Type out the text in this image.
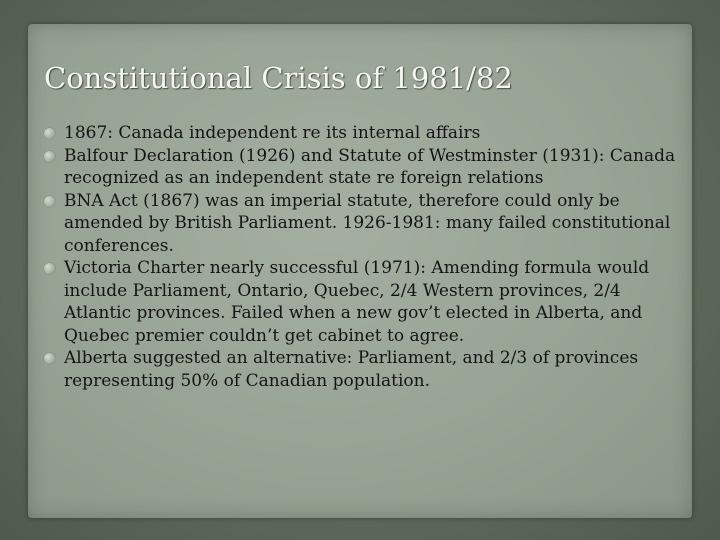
Constitutional Crisis of 1981/82
1867: Canada independent re its internal affairs
Balfour Declaration (1926) and Statute of Westminster (1931): Canada recognized as an independent state re foreign relations
BNA Act (1867) was an imperial statute, therefore could only be amended by British Parliament. 1926-1981: many failed constitutional conferences.
Victoria Charter nearly successful (1971): Amending formula would include Parliament, Ontario, Quebec, 2/4 Western provinces, 2/4 Atlantic provinces. Failed when a new gov’t elected in Alberta, and Quebec premier couldn’t get cabinet to agree.
Alberta suggested an alternative: Parliament, and 2/3 of provinces representing 50% of Canadian population.
